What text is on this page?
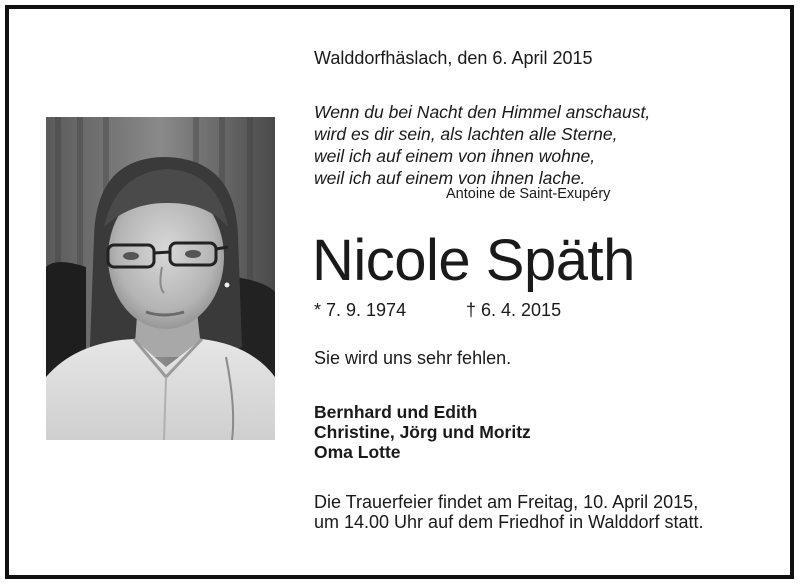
Walddorfhäslach, den 6. April 2015
Wenn du bei Nacht den Himmel anschaust,
wird es dir sein, als lachten alle Sterne,
weil ich auf einem von ihnen wohne,
weil ich auf einem von ihnen lache.
Antoine de Saint-Exupéry
Nicole Späth
* 7. 9. 1974	† 6. 4. 2015
Sie wird uns sehr fehlen.
Bernhard und Edith
Christine, Jörg und Moritz
Oma Lotte
Die Trauerfeier findet am Freitag, 10. April 2015,
um 14.00 Uhr auf dem Friedhof in Walddorf statt.
